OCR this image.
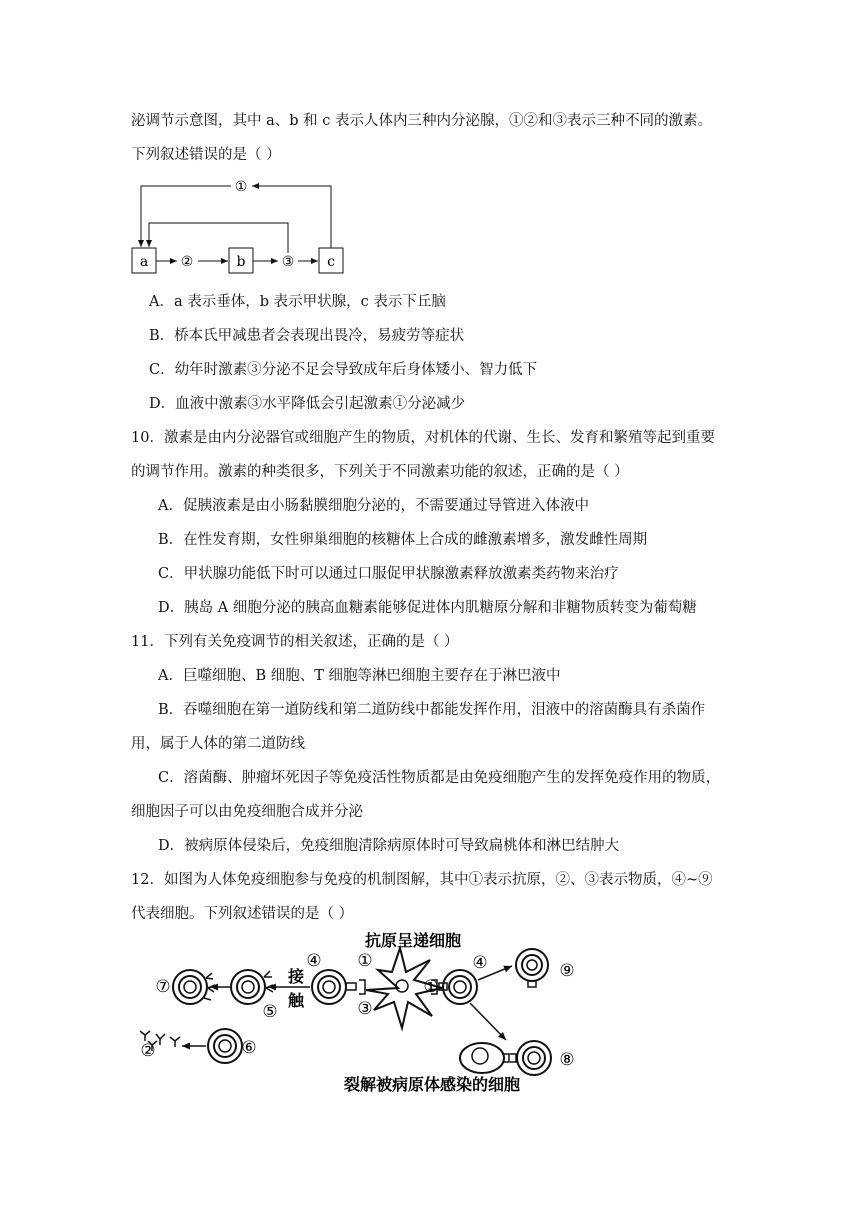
泌调节示意图，其中 a、b 和 c 表示人体内三种内分泌腺，①②和③表示三种不同的激素。
下列叙述错误的是（ ）
a	b	c
②	③
①
A．a 表示垂体，b 表示甲状腺，c 表示下丘脑
B．桥本氏甲减患者会表现出畏冷，易疲劳等症状
C．幼年时激素③分泌不足会导致成年后身体矮小、智力低下
D．血液中激素③水平降低会引起激素①分泌减少
10．激素是由内分泌器官或细胞产生的物质，对机体的代谢、生长、发育和繁殖等起到重要
的调节作用。激素的种类很多，下列关于不同激素功能的叙述，正确的是（ ）
A．促胰液素是由小肠黏膜细胞分泌的，不需要通过导管进入体液中
B．在性发育期，女性卵巢细胞的核糖体上合成的雌激素增多，激发雌性周期
C．甲状腺功能低下时可以通过口服促甲状腺激素释放激素类药物来治疗
D．胰岛 A 细胞分泌的胰高血糖素能够促进体内肌糖原分解和非糖物质转变为葡萄糖
11．下列有关免疫调节的相关叙述，正确的是（ ）
A．巨噬细胞、B 细胞、T 细胞等淋巴细胞主要存在于淋巴液中
B．吞噬细胞在第一道防线和第二道防线中都能发挥作用，泪液中的溶菌酶具有杀菌作
用，属于人体的第二道防线
C．溶菌酶、肿瘤坏死因子等免疫活性物质都是由免疫细胞产生的发挥免疫作用的物质，
细胞因子可以由免疫细胞合成并分泌
D．被病原体侵染后，免疫细胞清除病原体时可导致扁桃体和淋巴结肿大
12．如图为人体免疫细胞参与免疫的机制图解，其中①表示抗原，②、③表示物质，④~⑨
代表细胞。下列叙述错误的是（ ）
抗原呈递细胞
裂解被病原体感染的细胞
接
触
⑦
⑤
⑥
②
④ ①
③
①
④	⑨
⑧
